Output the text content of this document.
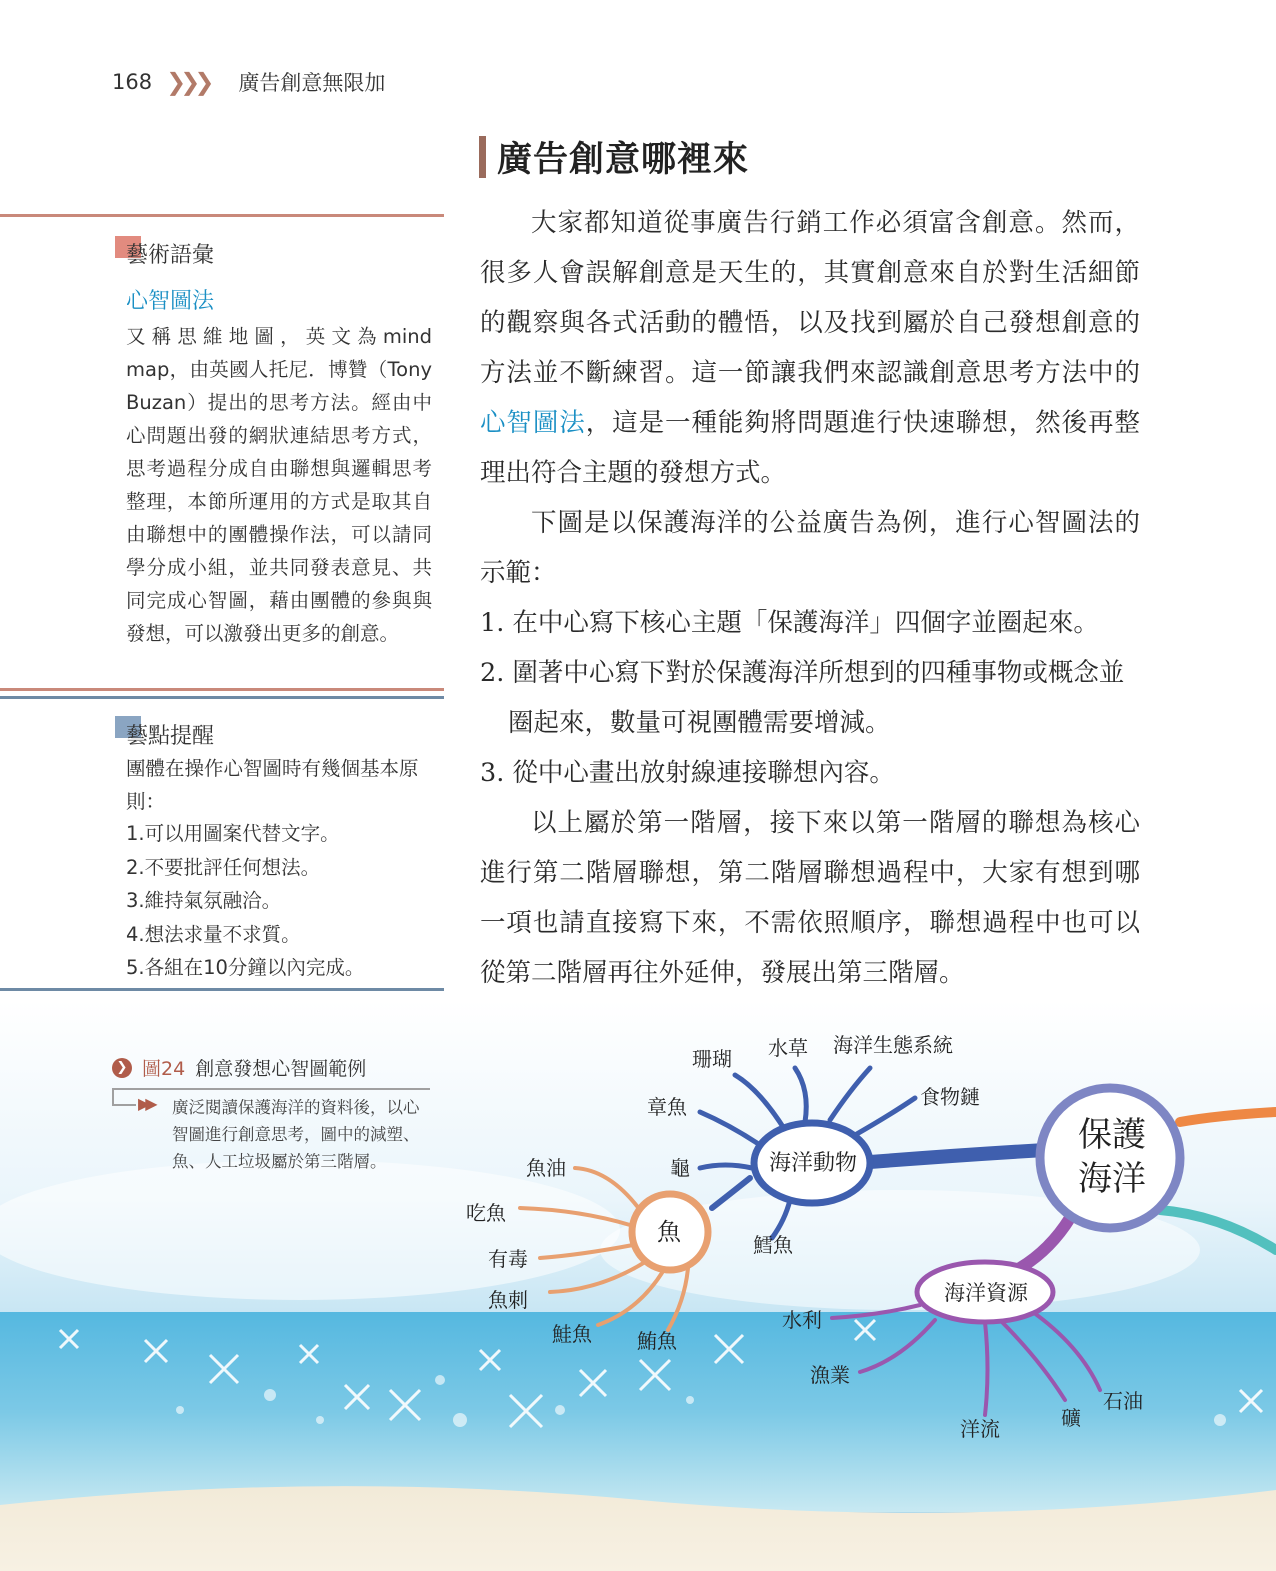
168 ❯❯❯ 廣告創意無限加
藝術語彙
心智圖法
又稱思維地圖，英文為mind map，由英國人托尼．博贊（Tony Buzan）提出的思考方法。經由中心問題出發的網狀連結思考方式，思考過程分成自由聯想與邏輯思考整理，本節所運用的方式是取其自由聯想中的團體操作法，可以請同學分成小組，並共同發表意見、共同完成心智圖，藉由團體的參與與發想，可以激發出更多的創意。
藝點提醒
團體在操作心智圖時有幾個基本原則：
1.可以用圖案代替文字。
2.不要批評任何想法。
3.維持氣氛融洽。
4.想法求量不求質。
5.各組在10分鐘以內完成。
廣告創意哪裡來

大家都知道從事廣告行銷工作必須富含創意。然而，很多人會誤解創意是天生的，其實創意來自於對生活細節的觀察與各式活動的體悟，以及找到屬於自己發想創意的方法並不斷練習。這一節讓我們來認識創意思考方法中的心智圖法，這是一種能夠將問題進行快速聯想，然後再整理出符合主題的發想方式。

下圖是以保護海洋的公益廣告為例，進行心智圖法的示範：

1. 在中心寫下核心主題「保護海洋」四個字並圈起來。
2. 圍著中心寫下對於保護海洋所想到的四種事物或概念並圈起來，數量可視團體需要增減。
3. 從中心畫出放射線連接聯想內容。

以上屬於第一階層，接下來以第一階層的聯想為核心進行第二階層聯想，第二階層聯想過程中，大家有想到哪一項也請直接寫下來，不需依照順序，聯想過程中也可以從第二階層再往外延伸，發展出第三階層。

❯ 圖24 創意發想心智圖範例
▶▶ 廣泛閱讀保護海洋的資料後，以心智圖進行創意思考，圖中的減塑、魚、人工垃圾屬於第三階層。
保護
海洋
海洋動物
魚
海洋資源
珊瑚 水草 海洋生態系統
食物鏈
章魚
龜
鱈魚
魚油
吃魚
有毒
魚刺
鮭魚 鮪魚
水利
漁業
洋流	礦
石油
